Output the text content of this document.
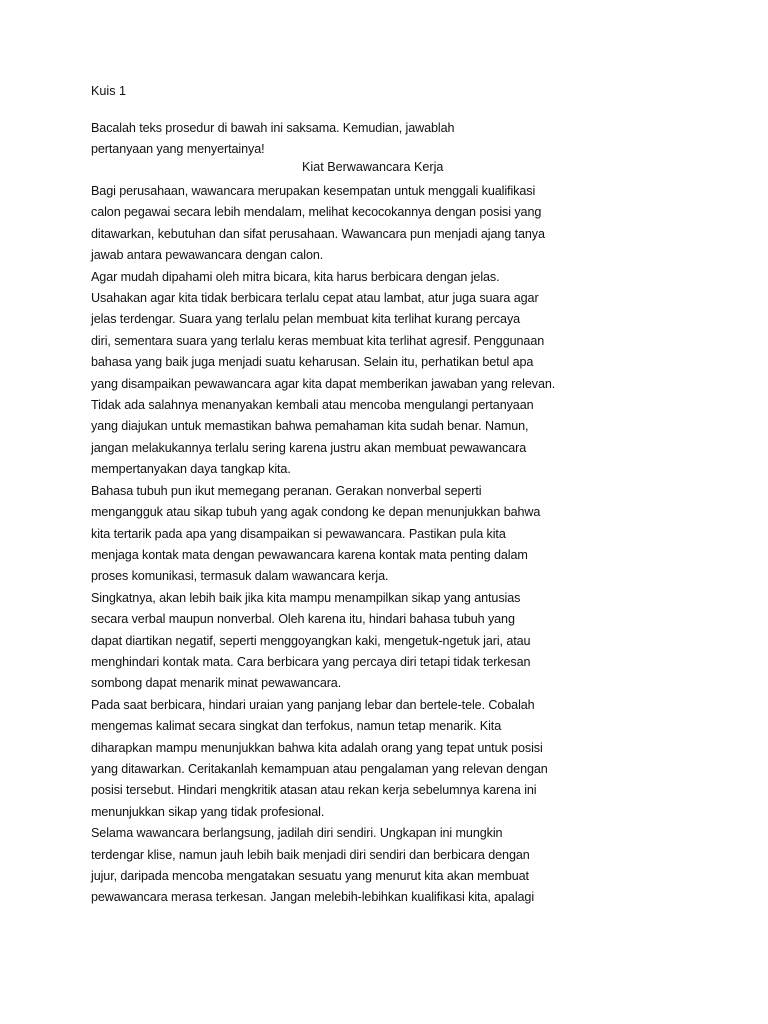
Kuis 1
Bacalah teks prosedur di bawah ini saksama. Kemudian, jawablah
pertanyaan yang menyertainya!
Kiat Berwawancara Kerja
Bagi perusahaan, wawancara merupakan kesempatan untuk menggali kualifikasi
calon pegawai secara lebih mendalam, melihat kecocokannya dengan posisi yang
ditawarkan, kebutuhan dan sifat perusahaan. Wawancara pun menjadi ajang tanya
jawab antara pewawancara dengan calon.
Agar mudah dipahami oleh mitra bicara, kita harus berbicara dengan jelas.
Usahakan agar kita tidak berbicara terlalu cepat atau lambat, atur juga suara agar
jelas terdengar. Suara yang terlalu pelan membuat kita terlihat kurang percaya
diri, sementara suara yang terlalu keras membuat kita terlihat agresif. Penggunaan
bahasa yang baik juga menjadi suatu keharusan. Selain itu, perhatikan betul apa
yang disampaikan pewawancara agar kita dapat memberikan jawaban yang relevan.
Tidak ada salahnya menanyakan kembali atau mencoba mengulangi pertanyaan
yang diajukan untuk memastikan bahwa pemahaman kita sudah benar. Namun,
jangan melakukannya terlalu sering karena justru akan membuat pewawancara
mempertanyakan daya tangkap kita.
Bahasa tubuh pun ikut memegang peranan. Gerakan nonverbal seperti
mengangguk atau sikap tubuh yang agak condong ke depan menunjukkan bahwa
kita tertarik pada apa yang disampaikan si pewawancara. Pastikan pula kita
menjaga kontak mata dengan pewawancara karena kontak mata penting dalam
proses komunikasi, termasuk dalam wawancara kerja.
Singkatnya, akan lebih baik jika kita mampu menampilkan sikap yang antusias
secara verbal maupun nonverbal. Oleh karena itu, hindari bahasa tubuh yang
dapat diartikan negatif, seperti menggoyangkan kaki, mengetuk-ngetuk jari, atau
menghindari kontak mata. Cara berbicara yang percaya diri tetapi tidak terkesan
sombong dapat menarik minat pewawancara.
Pada saat berbicara, hindari uraian yang panjang lebar dan bertele-tele. Cobalah
mengemas kalimat secara singkat dan terfokus, namun tetap menarik. Kita
diharapkan mampu menunjukkan bahwa kita adalah orang yang tepat untuk posisi
yang ditawarkan. Ceritakanlah kemampuan atau pengalaman yang relevan dengan
posisi tersebut. Hindari mengkritik atasan atau rekan kerja sebelumnya karena ini
menunjukkan sikap yang tidak profesional.
Selama wawancara berlangsung, jadilah diri sendiri. Ungkapan ini mungkin
terdengar klise, namun jauh lebih baik menjadi diri sendiri dan berbicara dengan
jujur, daripada mencoba mengatakan sesuatu yang menurut kita akan membuat
pewawancara merasa terkesan. Jangan melebih-lebihkan kualifikasi kita, apalagi
